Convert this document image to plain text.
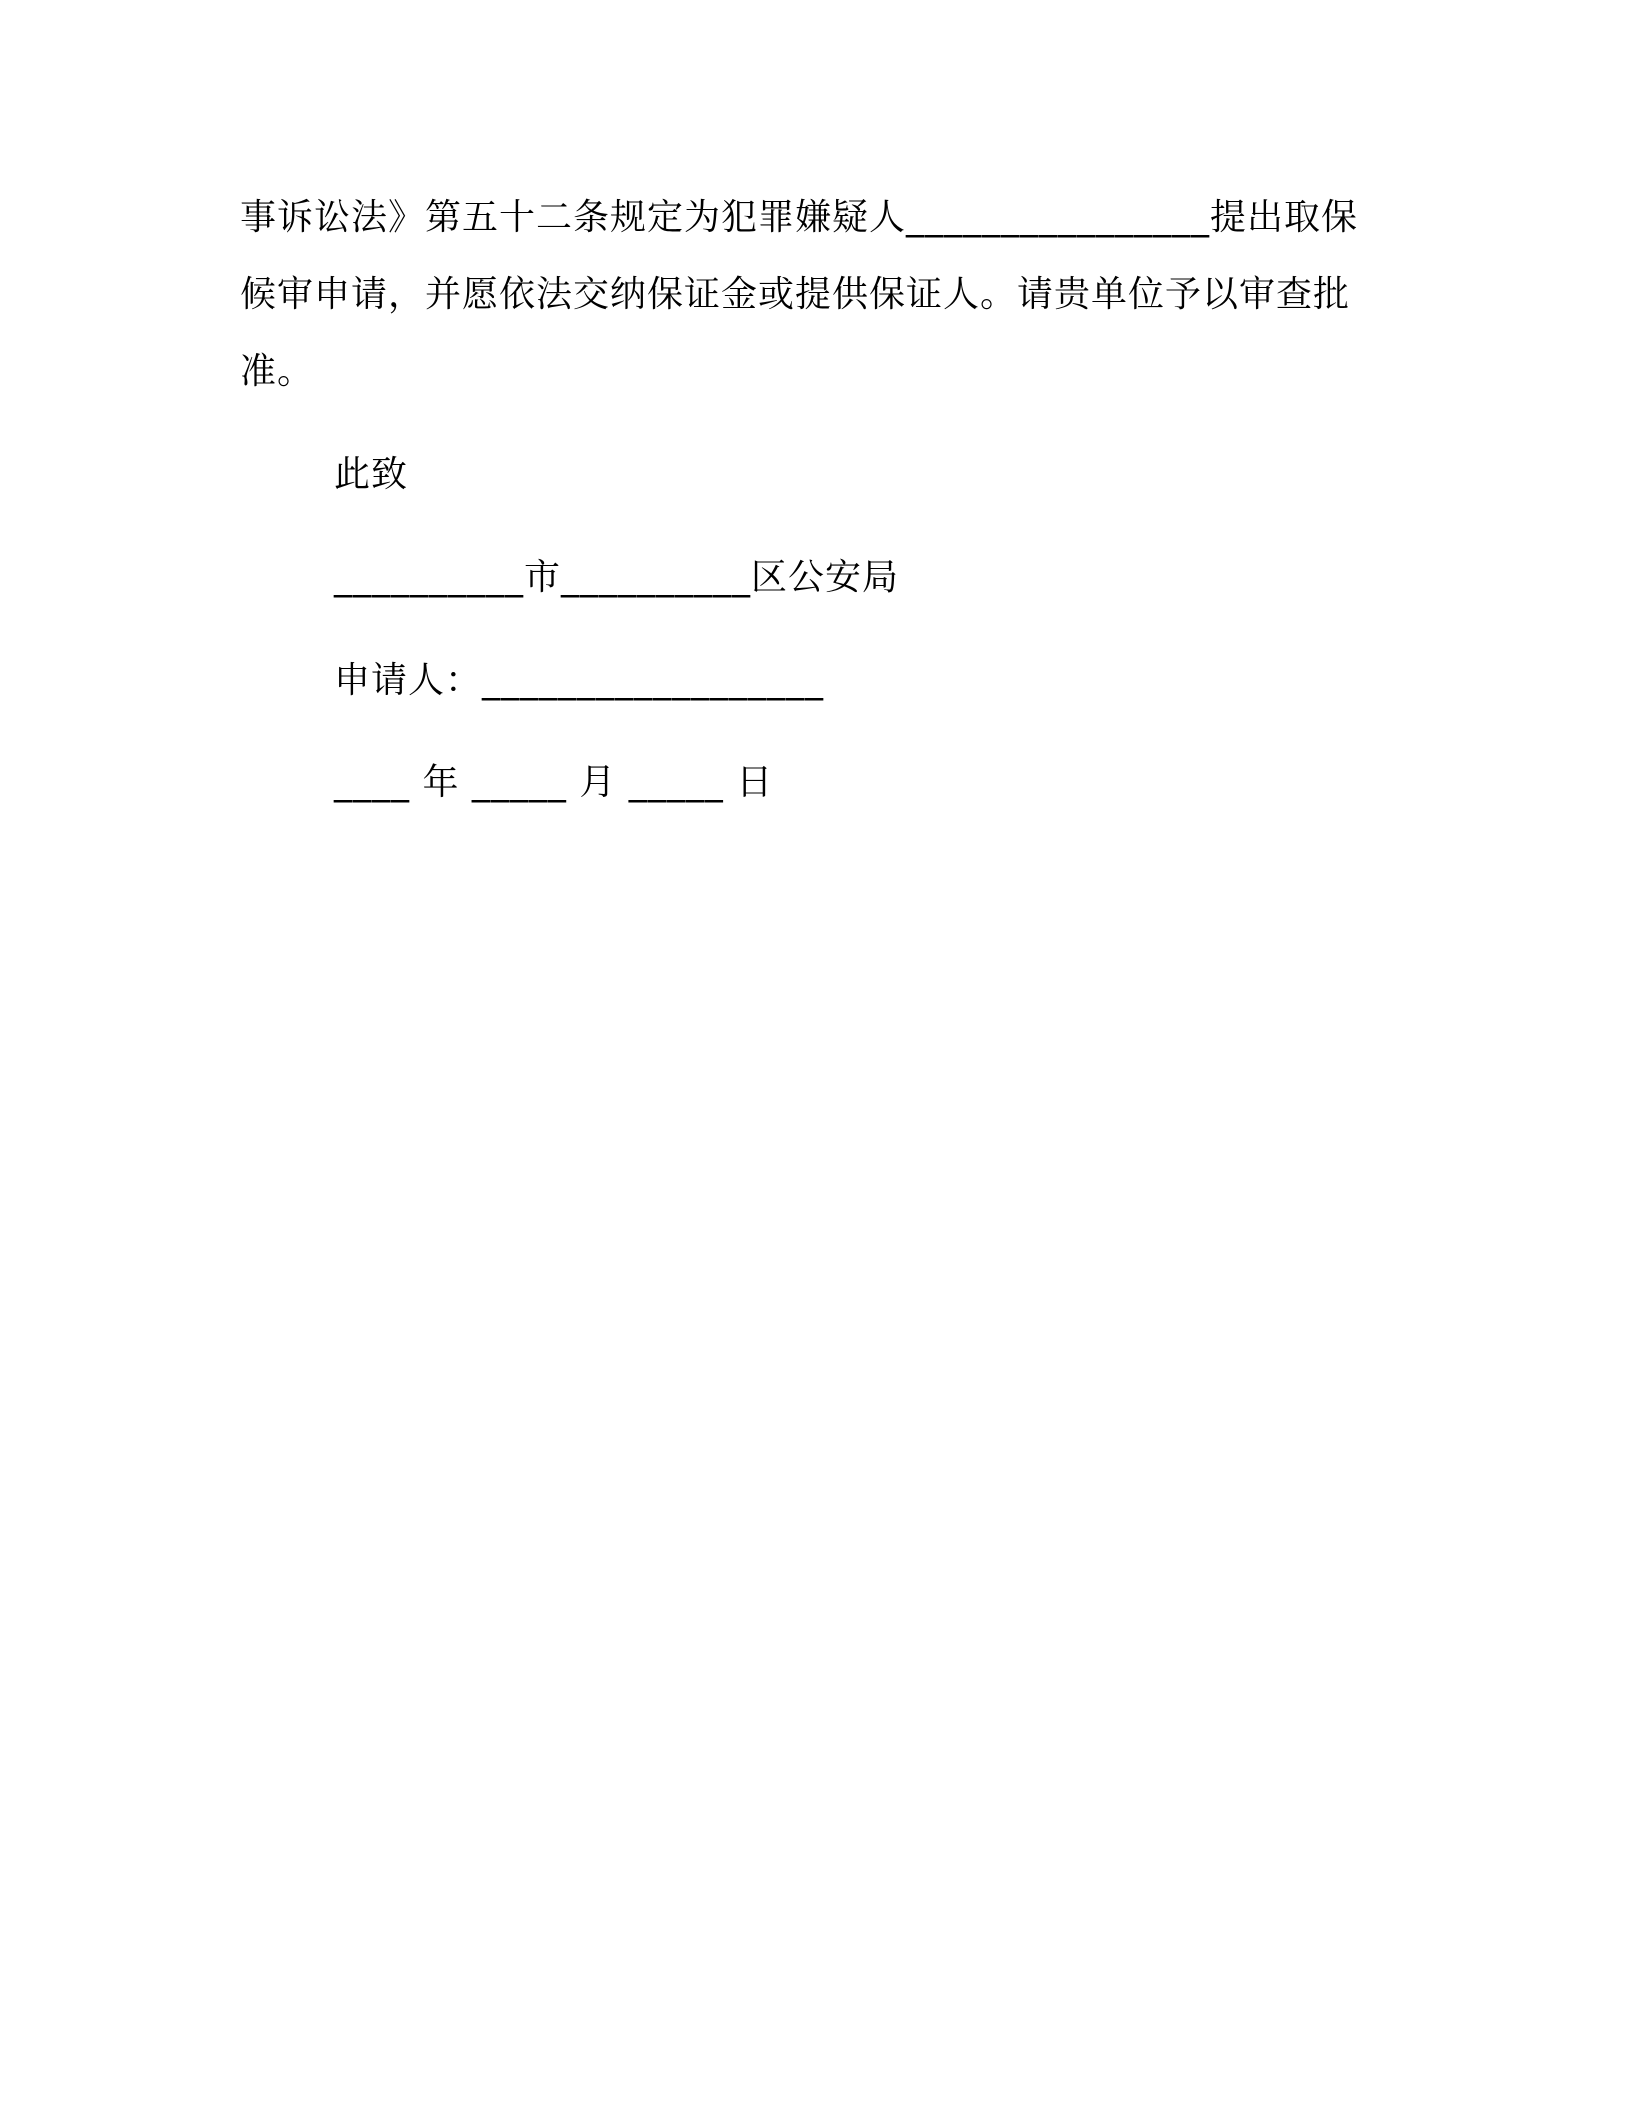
事诉讼法》第五十二条规定为犯罪嫌疑人________________提出取保
候审申请，并愿依法交纳保证金或提供保证人。请贵单位予以审查批
准。
此致
__________市__________区公安局
申请人：__________________
____ 年 _____ 月 _____ 日
